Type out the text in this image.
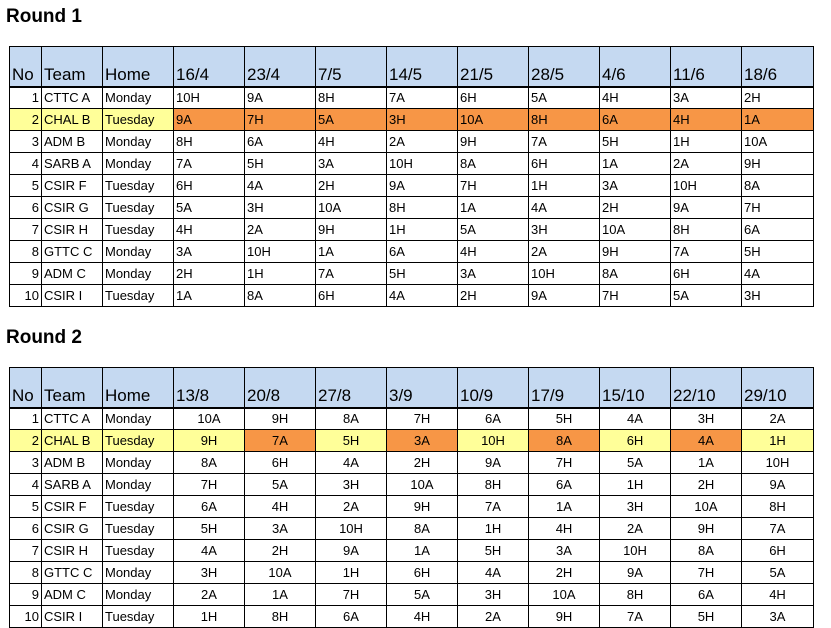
Round 1
No	Team	Home	16/4	23/4	7/5	14/5	21/5	28/5	4/6	11/6	18/6
1	CTTC A	Monday	10H	9A	8H	7A	6H	5A	4H	3A	2H
2	CHAL B	Tuesday	9A	7H	5A	3H	10A	8H	6A	4H	1A
3	ADM B	Monday	8H	6A	4H	2A	9H	7A	5H	1H	10A
4	SARB A	Monday	7A	5H	3A	10H	8A	6H	1A	2A	9H
5	CSIR F	Tuesday	6H	4A	2H	9A	7H	1H	3A	10H	8A
6	CSIR G	Tuesday	5A	3H	10A	8H	1A	4A	2H	9A	7H
7	CSIR H	Tuesday	4H	2A	9H	1H	5A	3H	10A	8H	6A
8	GTTC C	Monday	3A	10H	1A	6A	4H	2A	9H	7A	5H
9	ADM C	Monday	2H	1H	7A	5H	3A	10H	8A	6H	4A
10	CSIR I	Tuesday	1A	8A	6H	4A	2H	9A	7H	5A	3H
Round 2
No	Team	Home	13/8	20/8	27/8	3/9	10/9	17/9	15/10	22/10	29/10
1	CTTC A	Monday	10A	9H	8A	7H	6A	5H	4A	3H	2A
2	CHAL B	Tuesday	9H	7A	5H	3A	10H	8A	6H	4A	1H
3	ADM B	Monday	8A	6H	4A	2H	9A	7H	5A	1A	10H
4	SARB A	Monday	7H	5A	3H	10A	8H	6A	1H	2H	9A
5	CSIR F	Tuesday	6A	4H	2A	9H	7A	1A	3H	10A	8H
6	CSIR G	Tuesday	5H	3A	10H	8A	1H	4H	2A	9H	7A
7	CSIR H	Tuesday	4A	2H	9A	1A	5H	3A	10H	8A	6H
8	GTTC C	Monday	3H	10A	1H	6H	4A	2H	9A	7H	5A
9	ADM C	Monday	2A	1A	7H	5A	3H	10A	8H	6A	4H
10	CSIR I	Tuesday	1H	8H	6A	4H	2A	9H	7A	5H	3A
